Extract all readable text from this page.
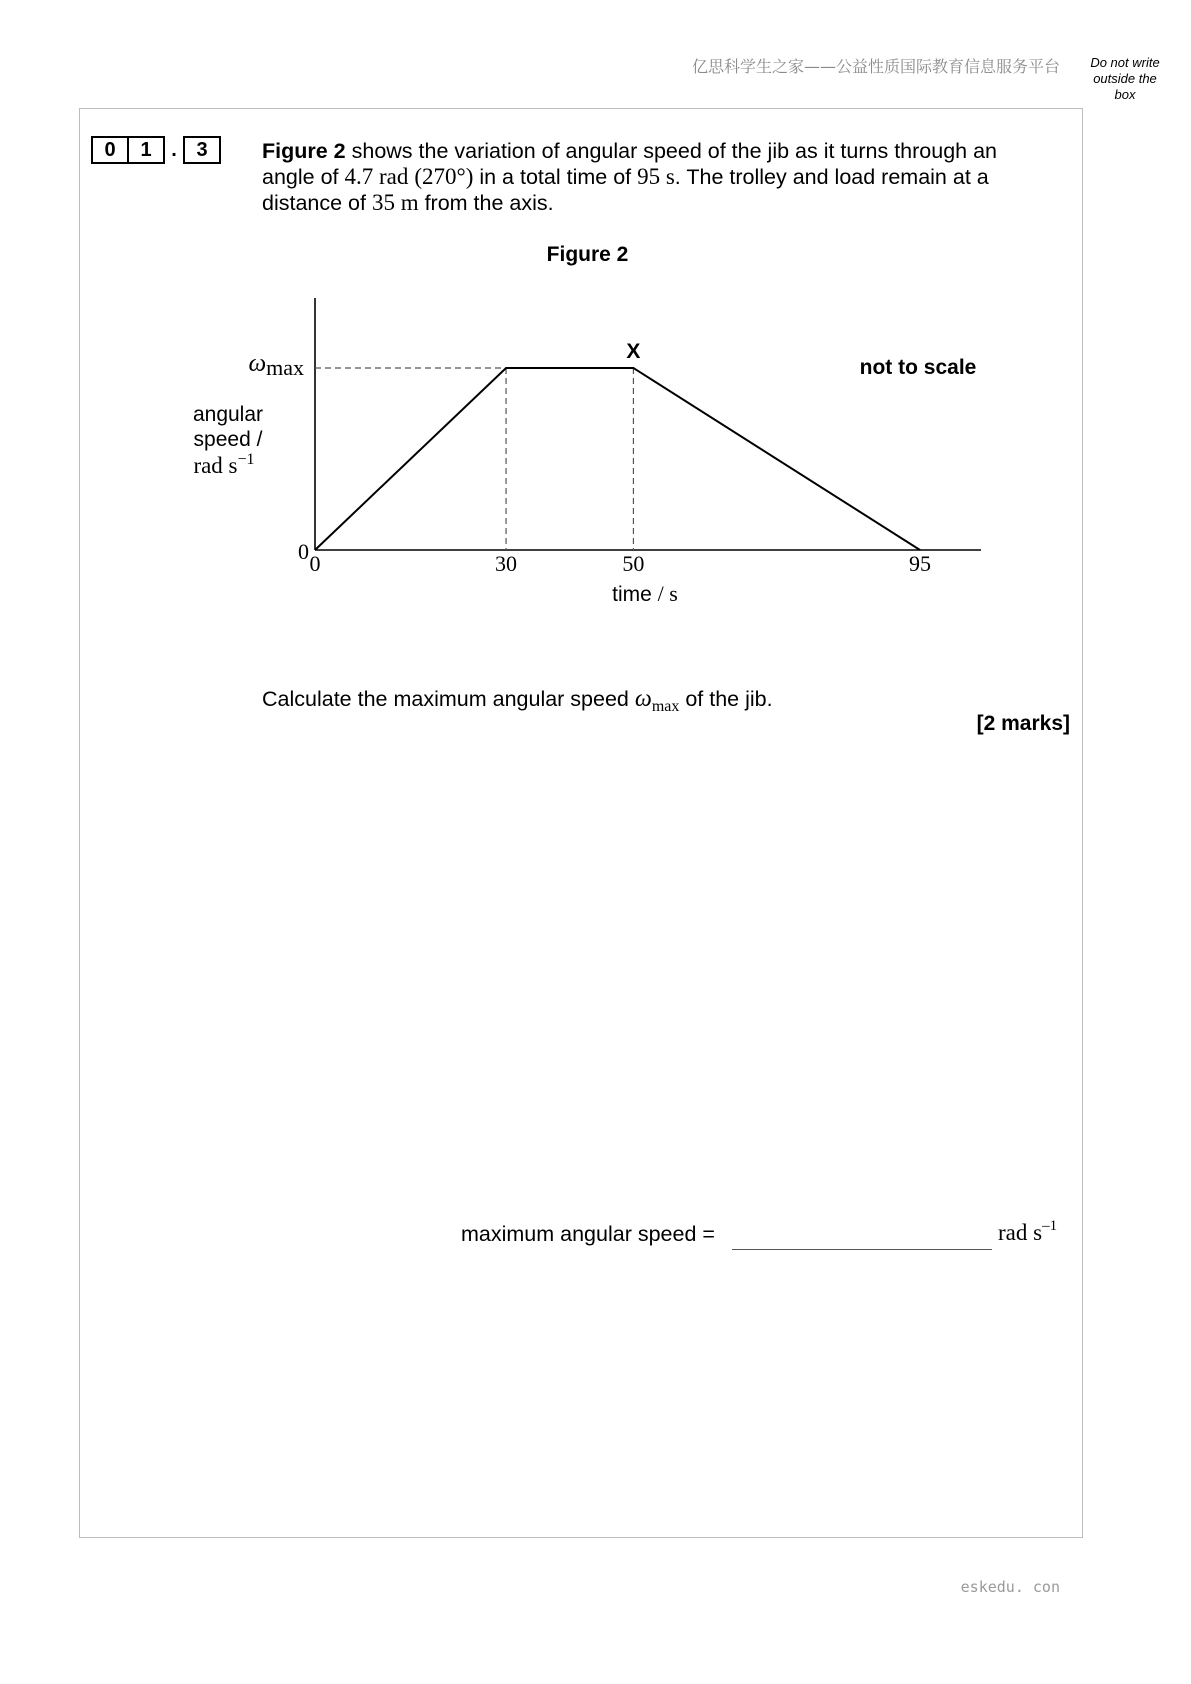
亿思科学生之家——公益性质国际教育信息服务平台	Do not write
outside the
box
0	1 . 3	Figure 2 shows the variation of angular speed of the jib as it turns through an angle of 4.7 rad (270°) in a total time of 95 s. The trolley and load remain at a distance of 35 m from the axis.
Figure 2
0	30	50	95
0
ωmax
angular
speed /
rad $s^{-1}$
time / s
X
not to scale
Calculate the maximum angular speed $\omega_{max}$ of the jib.
[2 marks]
maximum angular speed =	rad $s^{-1}$
eskedu. con
